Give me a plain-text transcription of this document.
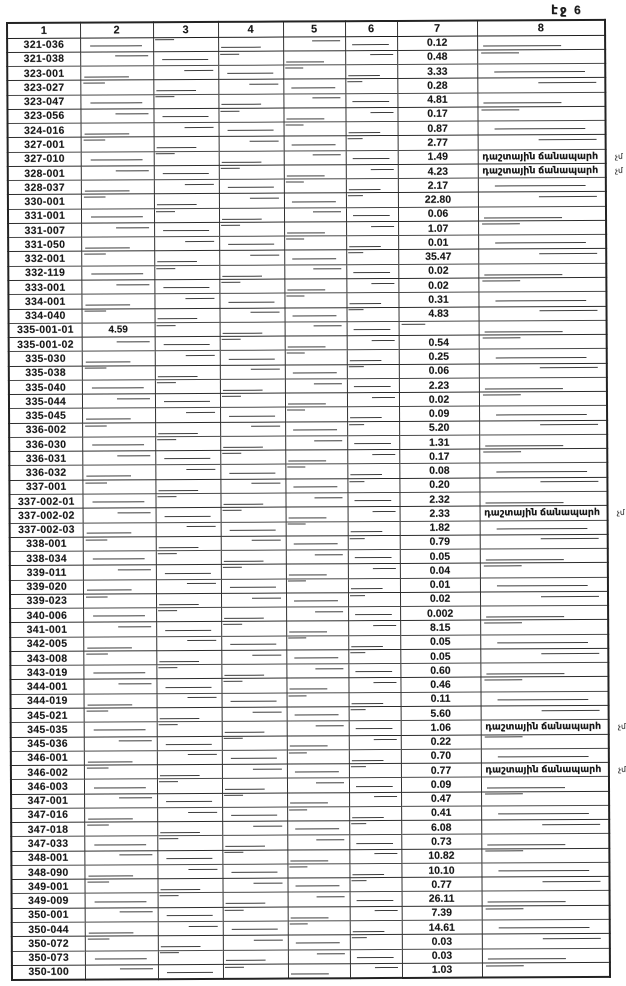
էջ 6
1	2	3	4	5	6	7	8
321-036						0.12	
321-038						0.48	
323-001						3.33	
323-027						0.28	
323-047						4.81	
323-056						0.17	
324-016						0.87	
327-001						2.77	
327-010						1.49	դաշտային ճանապարհ չմ

328-001						4.23	դաշտային ճանապարհ չմ

328-037						2.17	
330-001						22.80	
331-001						0.06	
331-007						1.07	
331-050						0.01	
332-001						35.47	
332-119						0.02	
333-001						0.02	
334-001						0.31	
334-040						4.83	
335-001-01	4.59						
335-001-02						0.54	
335-030						0.25	
335-038						0.06	
335-040						2.23	
335-044						0.02	
335-045						0.09	
336-002						5.20	
336-030						1.31	
336-031						0.17	
336-032						0.08	
337-001						0.20	
337-002-01						2.32	
337-002-02						2.33	դաշտային ճանապարհ չմ

337-002-03						1.82	
338-001						0.79	
338-034						0.05	
339-011						0.04	
339-020						0.01	
339-023						0.02	
340-006						0.002	
341-001						8.15	
342-005						0.05	
343-008						0.05	
343-019						0.60	
344-001						0.46	
344-019						0.11	
345-021						5.60	
345-035						1.06	դաշտային ճանապարհ չմ

345-036						0.22	
346-001						0.70	
346-002						0.77	դաշտային ճանապարհ չմ

346-003						0.09	
347-001						0.47	
347-016						0.41	
347-018						6.08	
347-033						0.73	
348-001						10.82	
348-090						10.10	
349-001						0.77	
349-009						26.11	
350-001						7.39	
350-044						14.61	
350-072						0.03	
350-073						0.03	
350-100						1.03	
